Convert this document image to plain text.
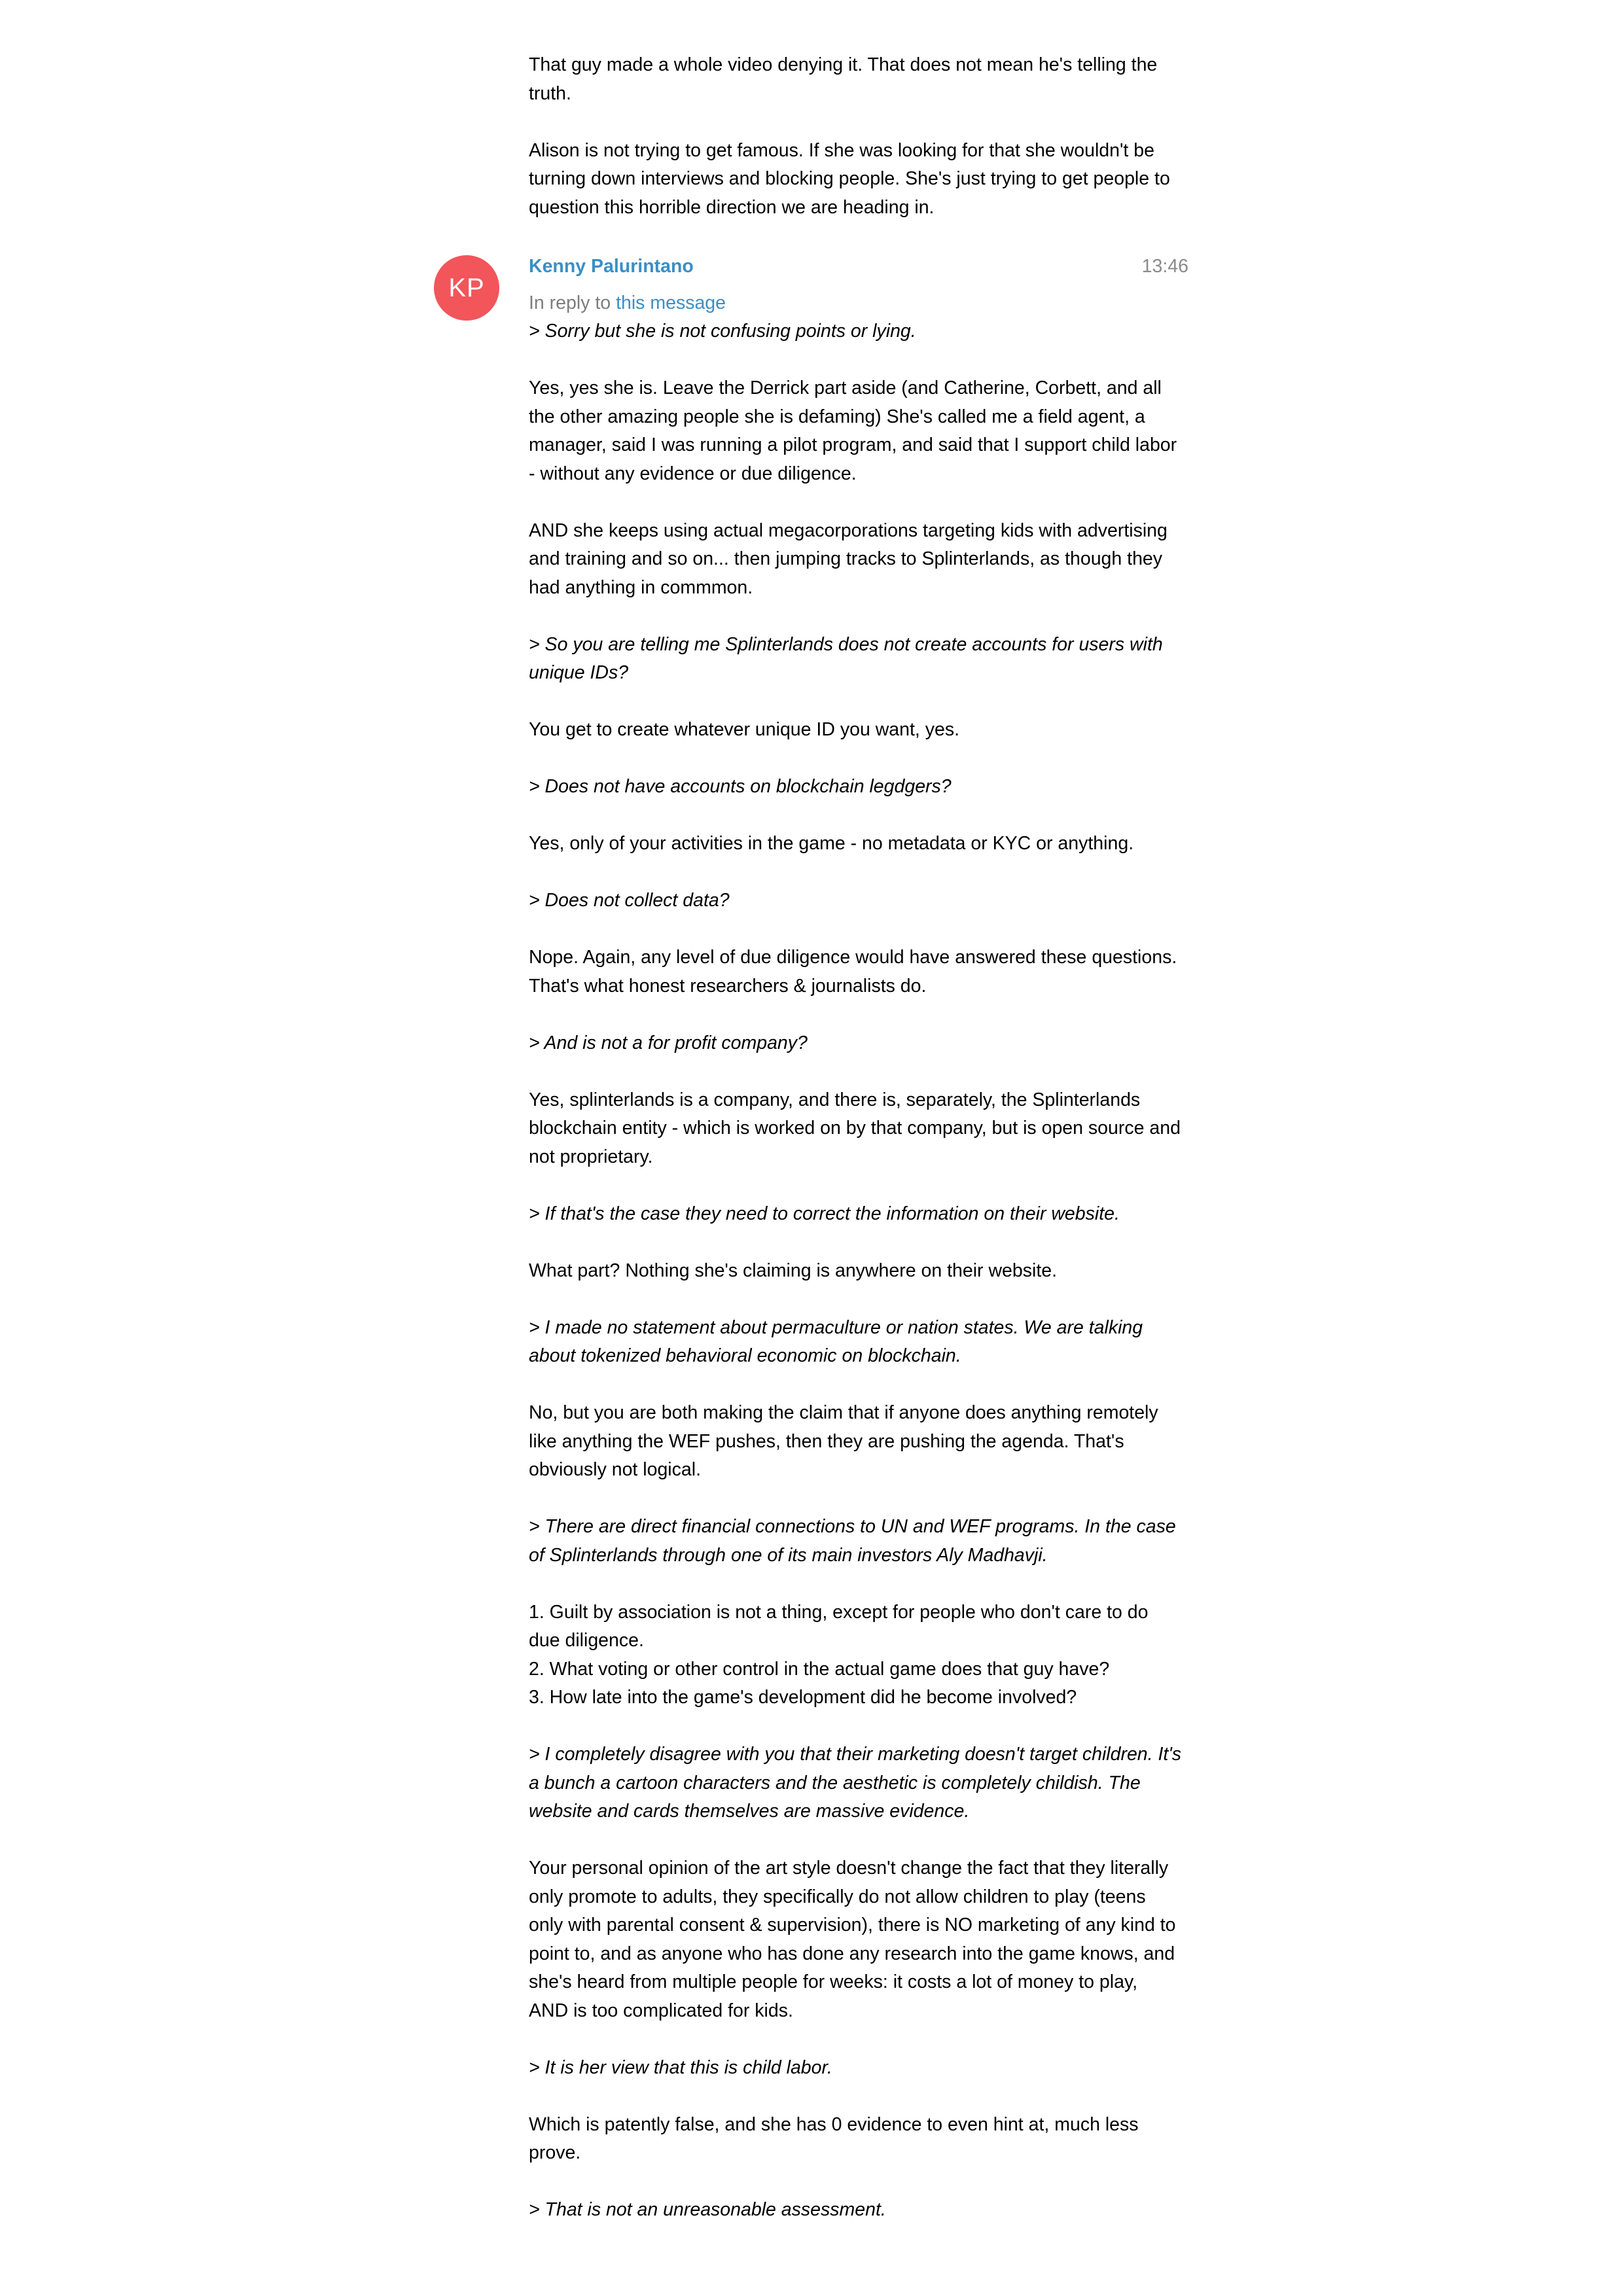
That guy made a whole video denying it. That does not mean he's telling the
truth.

Alison is not trying to get famous. If she was looking for that she wouldn't be
turning down interviews and blocking people. She's just trying to get people to
question this horrible direction we are heading in.

KP
Kenny Palurintano	13:46
In reply to this message

> Sorry but she is not confusing points or lying.

Yes, yes she is. Leave the Derrick part aside (and Catherine, Corbett, and all
the other amazing people she is defaming) She's called me a field agent, a
manager, said I was running a pilot program, and said that I support child labor
- without any evidence or due diligence.

AND she keeps using actual megacorporations targeting kids with advertising
and training and so on... then jumping tracks to Splinterlands, as though they
had anything in commmon.

> So you are telling me Splinterlands does not create accounts for users with
unique IDs?

You get to create whatever unique ID you want, yes.

> Does not have accounts on blockchain legdgers?

Yes, only of your activities in the game - no metadata or KYC or anything.

> Does not collect data?

Nope. Again, any level of due diligence would have answered these questions.
That's what honest researchers & journalists do.

> And is not a for profit company?

Yes, splinterlands is a company, and there is, separately, the Splinterlands
blockchain entity - which is worked on by that company, but is open source and
not proprietary.

> If that's the case they need to correct the information on their website.

What part? Nothing she's claiming is anywhere on their website.

> I made no statement about permaculture or nation states. We are talking
about tokenized behavioral economic on blockchain.

No, but you are both making the claim that if anyone does anything remotely
like anything the WEF pushes, then they are pushing the agenda. That's
obviously not logical.

> There are direct financial connections to UN and WEF programs. In the case
of Splinterlands through one of its main investors Aly Madhavji.

1. Guilt by association is not a thing, except for people who don't care to do
due diligence.
2. What voting or other control in the actual game does that guy have?
3. How late into the game's development did he become involved?

> I completely disagree with you that their marketing doesn't target children. It's
a bunch a cartoon characters and the aesthetic is completely childish. The
website and cards themselves are massive evidence.

Your personal opinion of the art style doesn't change the fact that they literally
only promote to adults, they specifically do not allow children to play (teens
only with parental consent & supervision), there is NO marketing of any kind to
point to, and as anyone who has done any research into the game knows, and
she's heard from multiple people for weeks: it costs a lot of money to play,
AND is too complicated for kids.

> It is her view that this is child labor.

Which is patently false, and she has 0 evidence to even hint at, much less
prove.

> That is not an unreasonable assessment.
